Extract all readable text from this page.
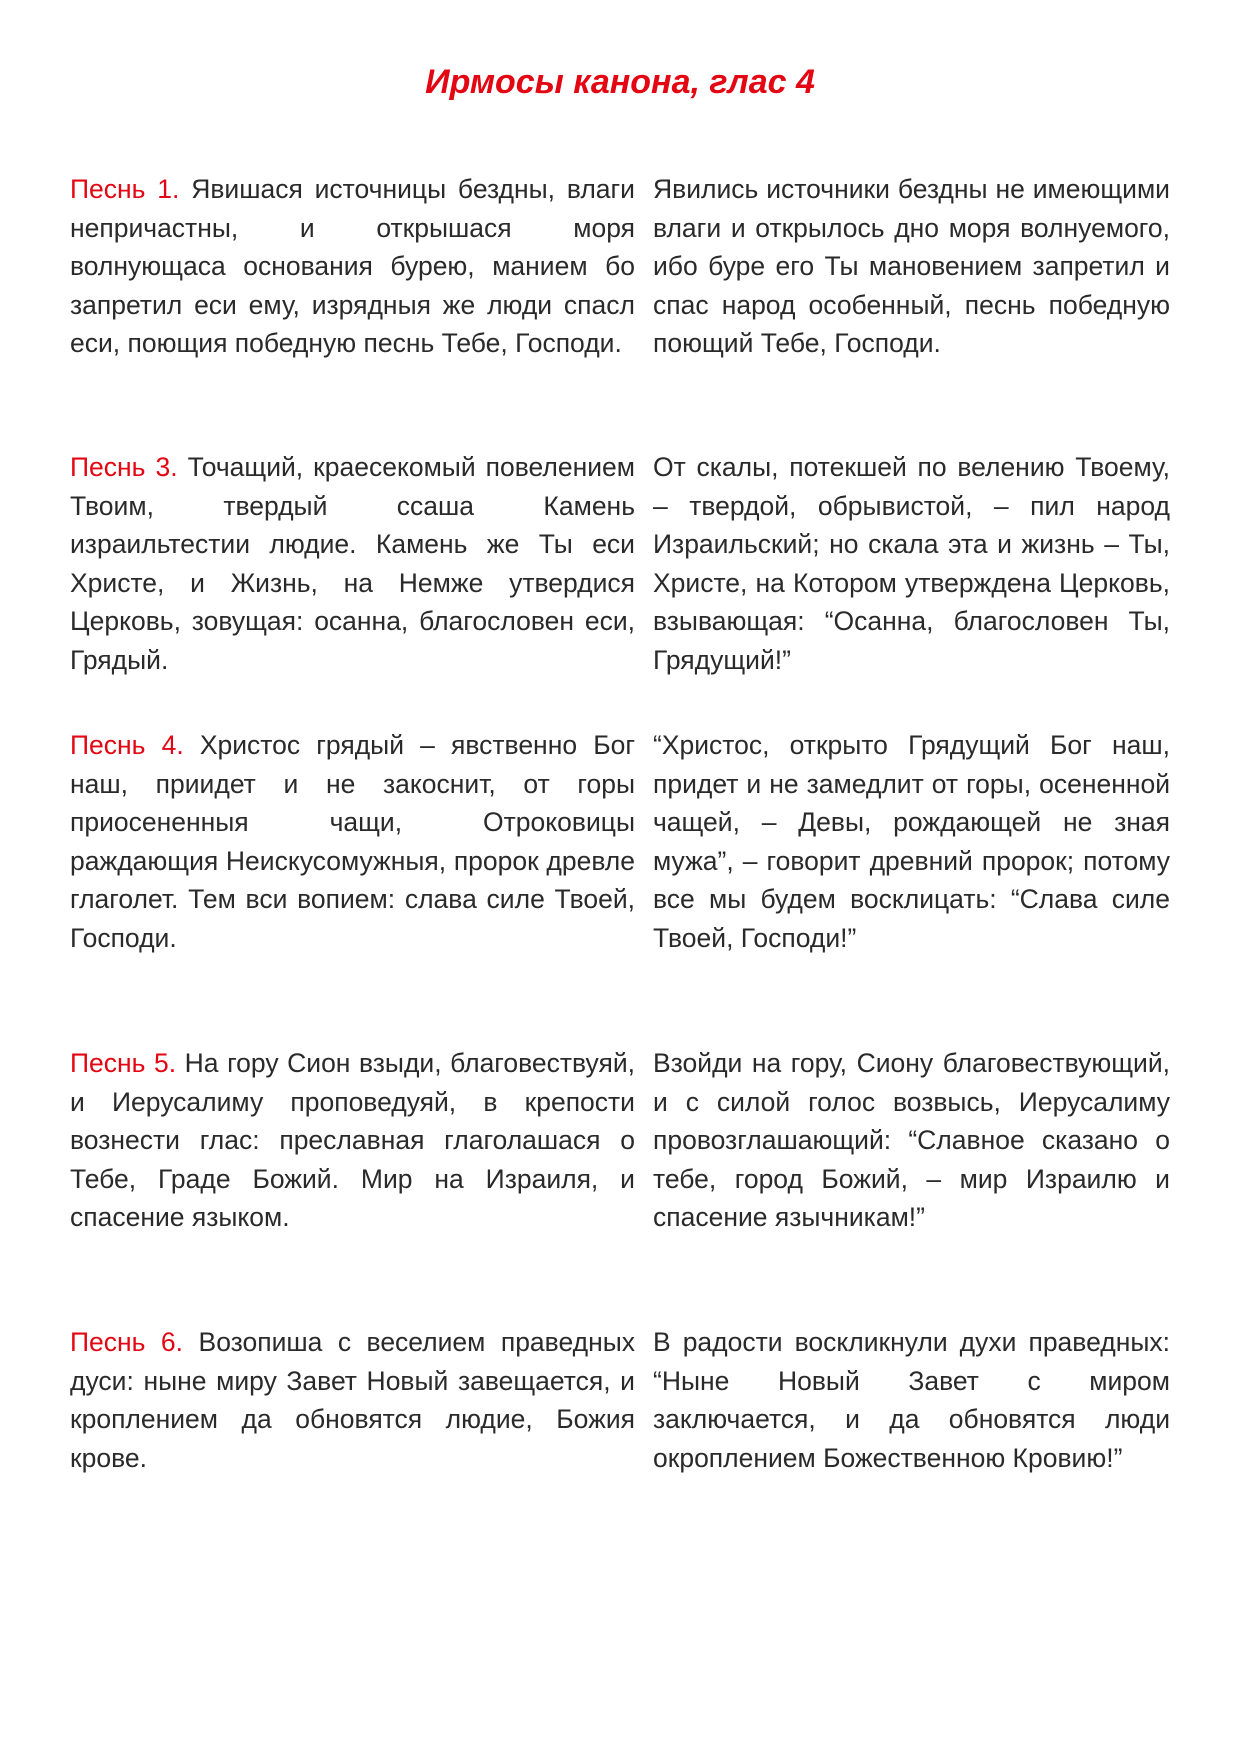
Ирмосы канона, глас 4

Песнь 1. Явишася источницы бездны, влаги непричастны, и открышася моря волнующаса основания бурею, манием бо запретил еси ему, изрядныя же люди спасл еси, поющия победную песнь Тебе, Господи.

Явились источники бездны не имеющими влаги и открылось дно моря волнуемого, ибо буре его Ты мановением запретил и спас народ особенный, песнь победную поющий Тебе, Господи.

Песнь 3. Точащий, краесекомый повелением Твоим, твердый ссаша Камень израильтестии людие. Камень же Ты еси Христе, и Жизнь, на Немже утвердися Церковь, зовущая: осанна, благословен еси, Грядый.

От скалы, потекшей по велению Твоему, – твердой, обрывистой, – пил народ Израильский; но скала эта и жизнь – Ты, Христе, на Котором утверждена Церковь, взывающая: “Осанна, благословен Ты, Грядущий!”

Песнь 4. Христос грядый – явственно Бог наш, приидет и не закоснит, от горы приосененныя чащи, Отроковицы раждающия Неискусомужныя, пророк древле глаголет. Тем вси вопием: слава силе Твоей, Господи.

“Христос, открыто Грядущий Бог наш, придет и не замедлит от горы, осененной чащей, – Девы, рождающей не зная мужа”, – говорит древний пророк; потому все мы будем восклицать: “Слава силе Твоей, Господи!”

Песнь 5. На гору Сион взыди, благовествуяй, и Иерусалиму проповедуяй, в крепости вознести глас: преславная глаголашася о Тебе, Граде Божий. Мир на Израиля, и спасение языком.

Взойди на гору, Сиону благовествующий, и с силой голос возвысь, Иерусалиму провозглашающий: “Славное сказано о тебе, город Божий, – мир Израилю и спасение язычникам!”

Песнь 6. Возопиша с веселием праведных дуси: ныне миру Завет Новый завещается, и кроплением да обновятся людие, Божия крове.

В радости воскликнули духи праведных: “Ныне Новый Завет с миром заключается, и да обновятся люди окроплением Божественною Кровию!”
